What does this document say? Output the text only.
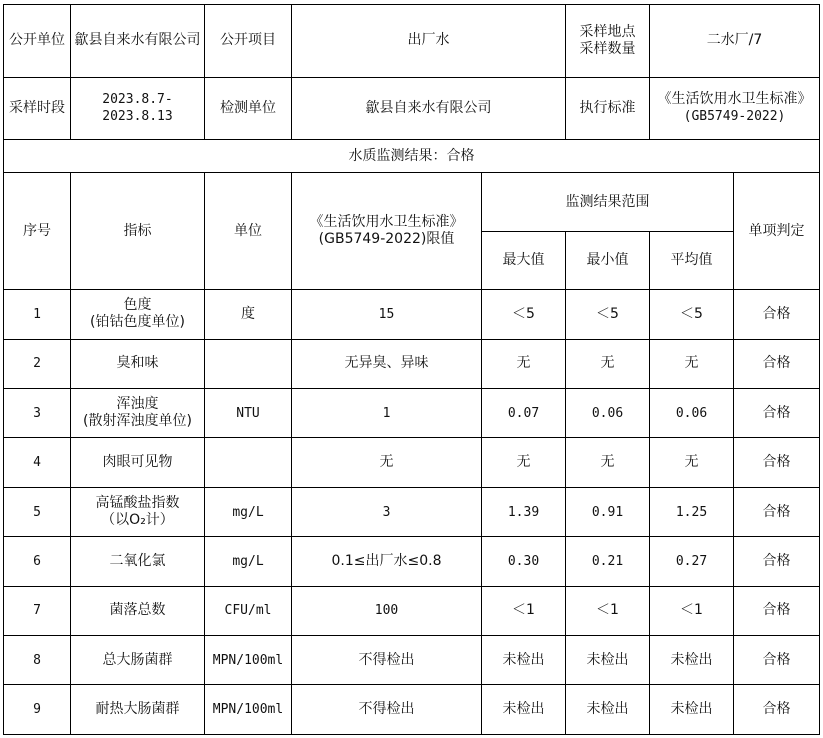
公开单位	歙县自来水有限公司	公开项目	出厂水		采样地点
采样数量	二水厂/7	
采样时段	2023.8.7-2023.8.13	检测单位	歙县自来水有限公司		执行标准	《生活饮用水卫生标准》
(GB5749-2022)	

水质监测结果：合格							
序号	指标	单位	《生活饮用水卫生标准》
(GB5749-2022)限值	监测结果范围			单项判定
				最大值	最小值	平均值	
1	色度
(铂钴色度单位)	度	15	＜5	＜5	＜5	合格
2	臭和味		无异臭、异味	无	无	无	合格
3	浑浊度
(散射浑浊度单位)	NTU	1	0.07	0.06	0.06	合格
4	肉眼可见物		无	无	无	无	合格
5	高锰酸盐指数
（以O₂计）	mg/L	3	1.39	0.91	1.25	合格
6	二氧化氯	mg/L	0.1≤出厂水≤0.8	0.30	0.21	0.27	合格
7	菌落总数	CFU/ml	100	＜1	＜1	＜1	合格
8	总大肠菌群	MPN/100ml	不得检出	未检出	未检出	未检出	合格
9	耐热大肠菌群	MPN/100ml	不得检出	未检出	未检出	未检出	合格
